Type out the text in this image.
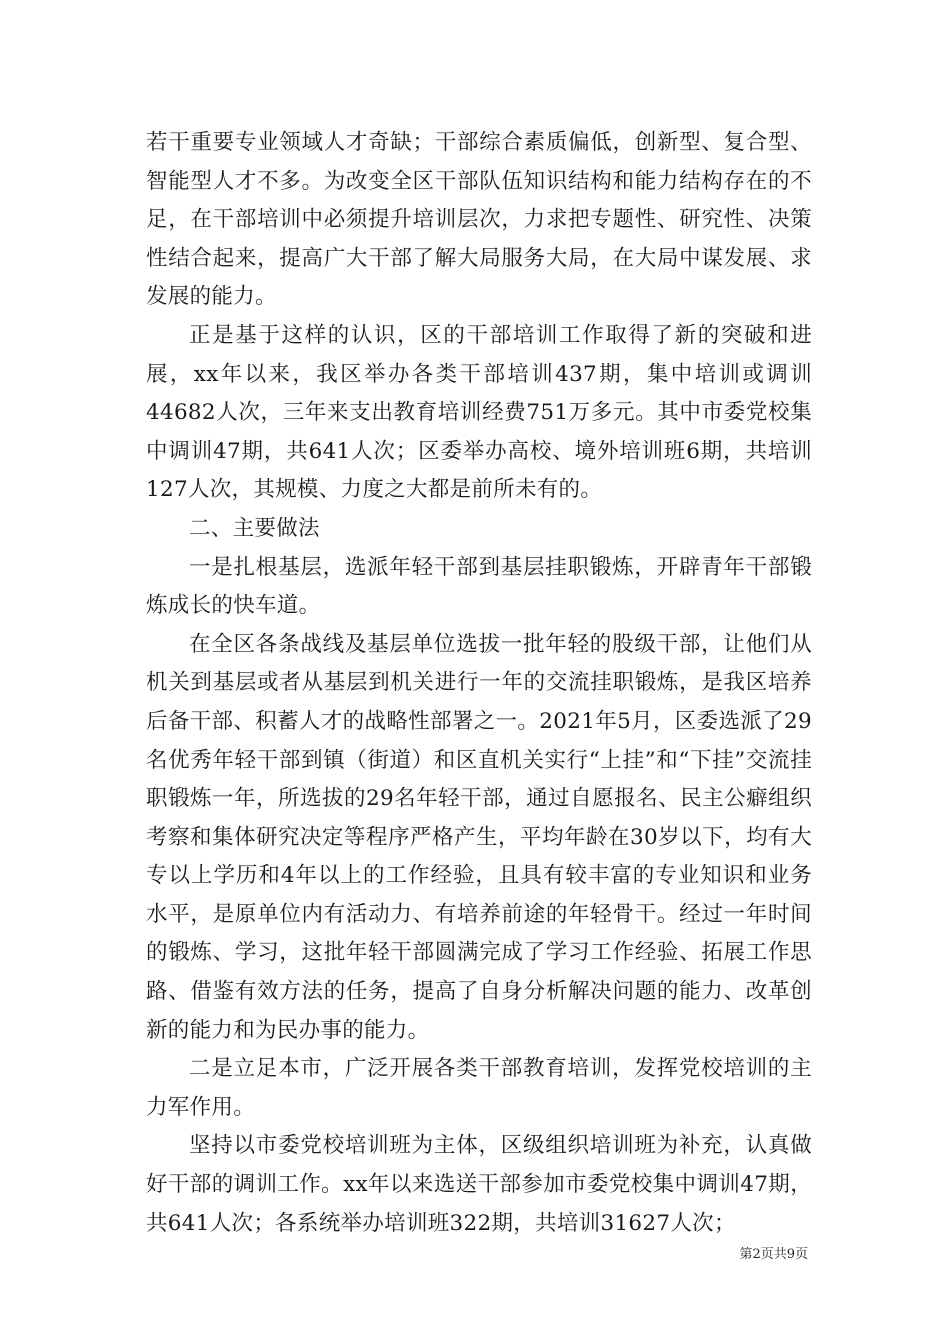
若干重要专业领域人才奇缺；干部综合素质偏低，创新型、复合型、智能型人才不多。为改变全区干部队伍知识结构和能力结构存在的不足，在干部培训中必须提升培训层次，力求把专题性、研究性、决策性结合起来，提高广大干部了解大局服务大局，在大局中谋发展、求发展的能力。

正是基于这样的认识，区的干部培训工作取得了新的突破和进展，xx年以来，我区举办各类干部培训437期，集中培训或调训44682人次，三年来支出教育培训经费751万多元。其中市委党校集中调训47期，共641人次；区委举办高校、境外培训班6期，共培训127人次，其规模、力度之大都是前所未有的。

二、主要做法

一是扎根基层，选派年轻干部到基层挂职锻炼，开辟青年干部锻炼成长的快车道。

在全区各条战线及基层单位选拔一批年轻的股级干部，让他们从机关到基层或者从基层到机关进行一年的交流挂职锻炼，是我区培养后备干部、积蓄人才的战略性部署之一。2021年5月，区委选派了29名优秀年轻干部到镇（街道）和区直机关实行“上挂”和“下挂”交流挂职锻炼一年，所选拔的29名年轻干部，通过自愿报名、民主公癖组织考察和集体研究决定等程序严格产生，平均年龄在30岁以下，均有大专以上学历和4年以上的工作经验，且具有较丰富的专业知识和业务水平，是原单位内有活动力、有培养前途的年轻骨干。经过一年时间的锻炼、学习，这批年轻干部圆满完成了学习工作经验、拓展工作思路、借鉴有效方法的任务，提高了自身分析解决问题的能力、改革创新的能力和为民办事的能力。

二是立足本市，广泛开展各类干部教育培训，发挥党校培训的主力军作用。

坚持以市委党校培训班为主体，区级组织培训班为补充，认真做好干部的调训工作。xx年以来选送干部参加市委党校集中调训47期，共641人次；各系统举办培训班322期，共培训31627人次；

第2页共9页
